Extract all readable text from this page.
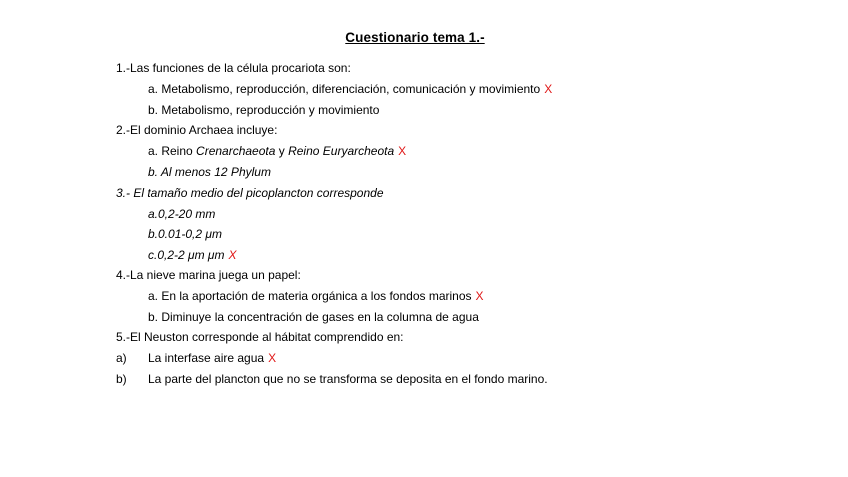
Cuestionario tema 1.-
1.-Las funciones de la célula procariota son:
a. Metabolismo, reproducción, diferenciación, comunicación y movimiento X
b. Metabolismo, reproducción y movimiento
2.-El dominio Archaea incluye:
a. Reino Crenarchaeota y Reino Euryarcheota X
b. Al menos 12 Phylum
3.- El tamaño medio del picoplancton corresponde
a.0,2-20 mm
b.0.01-0,2 μm
c.0,2-2 μm μm X
4.-La nieve marina juega un papel:
a. En la aportación de materia orgánica a los fondos marinos X
b. Diminuye la concentración de gases en la columna de agua
5.-El Neuston corresponde al hábitat comprendido en:
a) La interfase aire agua X
b) La parte del plancton que no se transforma se deposita en el fondo marino.
